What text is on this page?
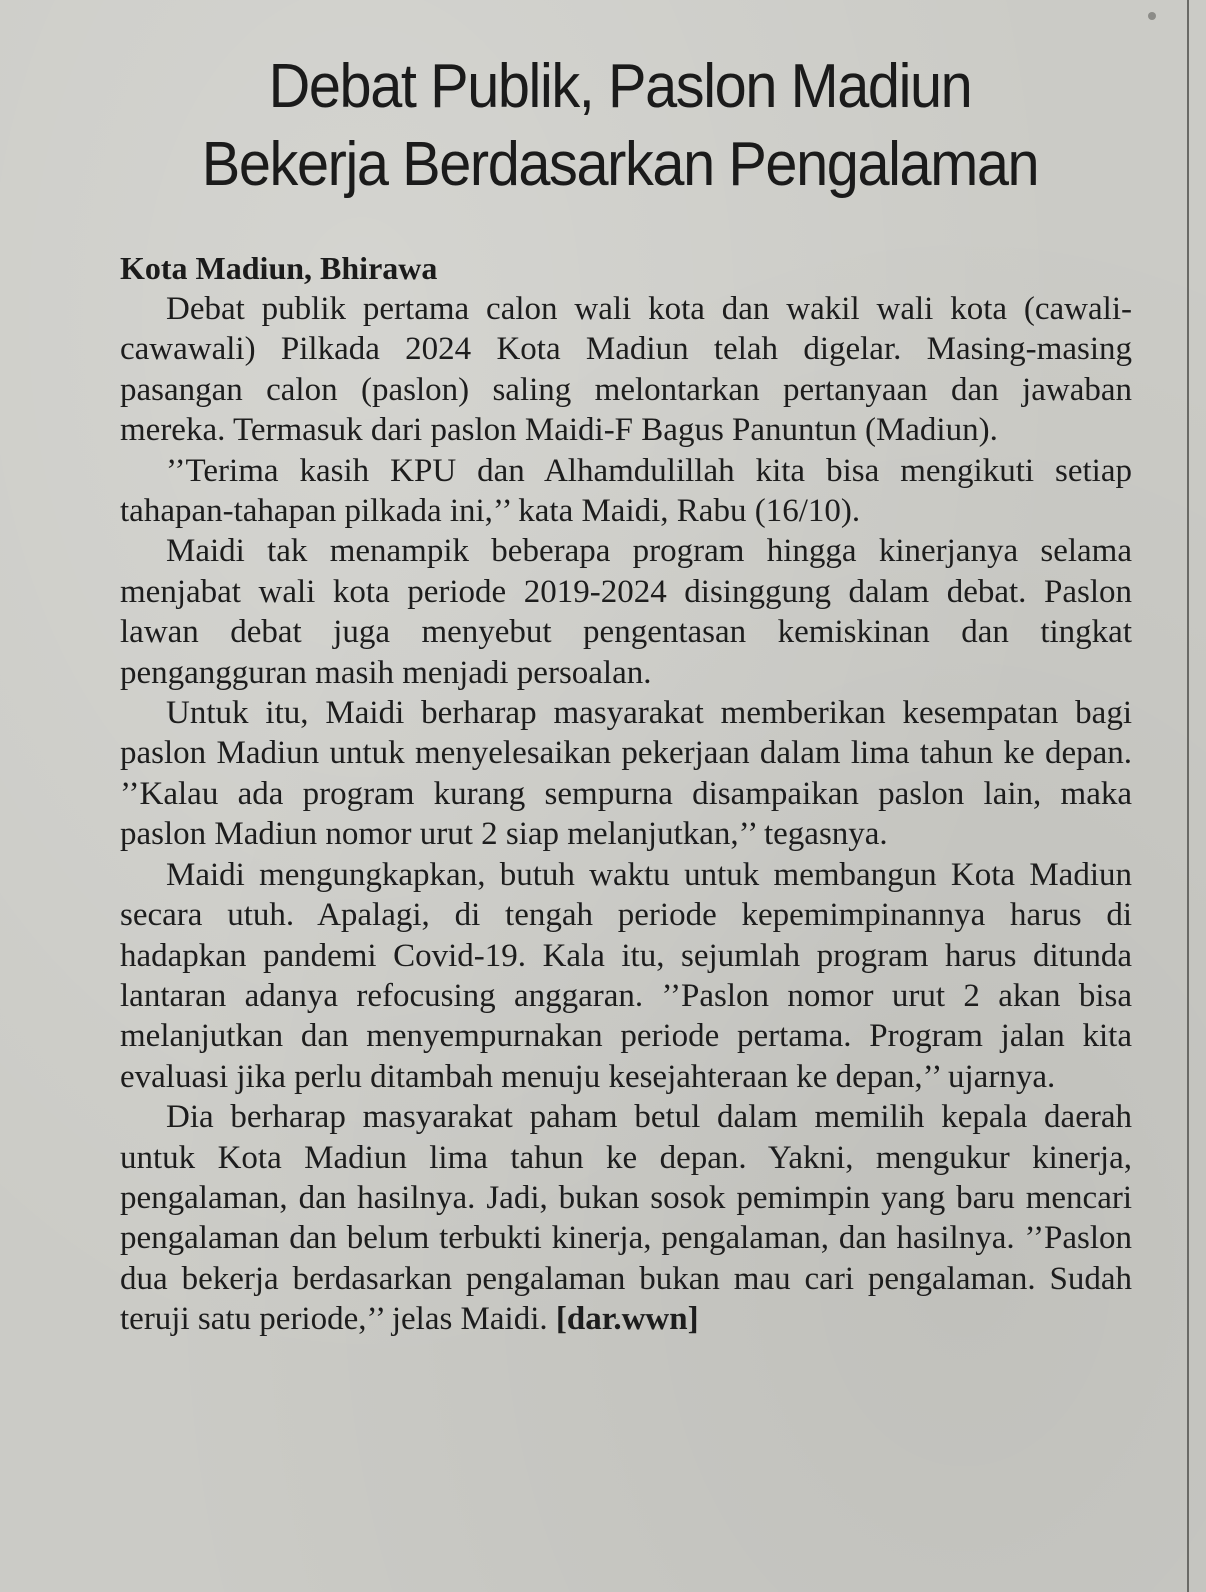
Debat Publik, Paslon Madiun
Bekerja Berdasarkan Pengalaman
Kota Madiun, Bhirawa

Debat publik pertama calon wali kota dan wakil wali kota (cawali-cawawali) Pilkada 2024 Kota Madiun telah digelar. Masing-masing pasangan calon (paslon) saling melontarkan pertanyaan dan jawaban mereka. Termasuk dari paslon Maidi-F Bagus Panuntun (Madiun).

’’Terima kasih KPU dan Alhamdulillah kita bisa mengikuti setiap tahapan-tahapan pilkada ini,’’ kata Maidi, Rabu (16/10).

Maidi tak menampik beberapa program hingga kinerjanya selama menjabat wali kota periode 2019-2024 disinggung dalam debat. Paslon lawan debat juga menyebut pengentasan kemiskinan dan tingkat pengangguran masih menjadi persoalan.

Untuk itu, Maidi berharap masyarakat memberikan kesempatan bagi paslon Madiun untuk menyelesaikan pekerjaan dalam lima tahun ke depan. ’’Kalau ada program kurang sempurna disampaikan paslon lain, maka paslon Madiun nomor urut 2 siap melanjutkan,’’ tegasnya.

Maidi mengungkapkan, butuh waktu untuk membangun Kota Madiun secara utuh. Apalagi, di tengah periode kepemimpinannya harus di hadapkan pandemi Covid-19. Kala itu, sejumlah program harus ditunda lantaran adanya refocusing anggaran. ’’Paslon nomor urut 2 akan bisa melanjutkan dan menyempurnakan periode pertama. Program jalan kita evaluasi jika perlu ditambah menuju kesejahteraan ke depan,’’ ujarnya.

Dia berharap masyarakat paham betul dalam memilih kepala daerah untuk Kota Madiun lima tahun ke depan. Yakni, mengukur kinerja, pengalaman, dan hasilnya. Jadi, bukan sosok pemimpin yang baru mencari pengalaman dan belum terbukti kinerja, pengalaman, dan hasilnya. ’’Paslon dua bekerja berdasarkan pengalaman bukan mau cari pengalaman. Sudah teruji satu periode,’’ jelas Maidi. [dar.wwn]
